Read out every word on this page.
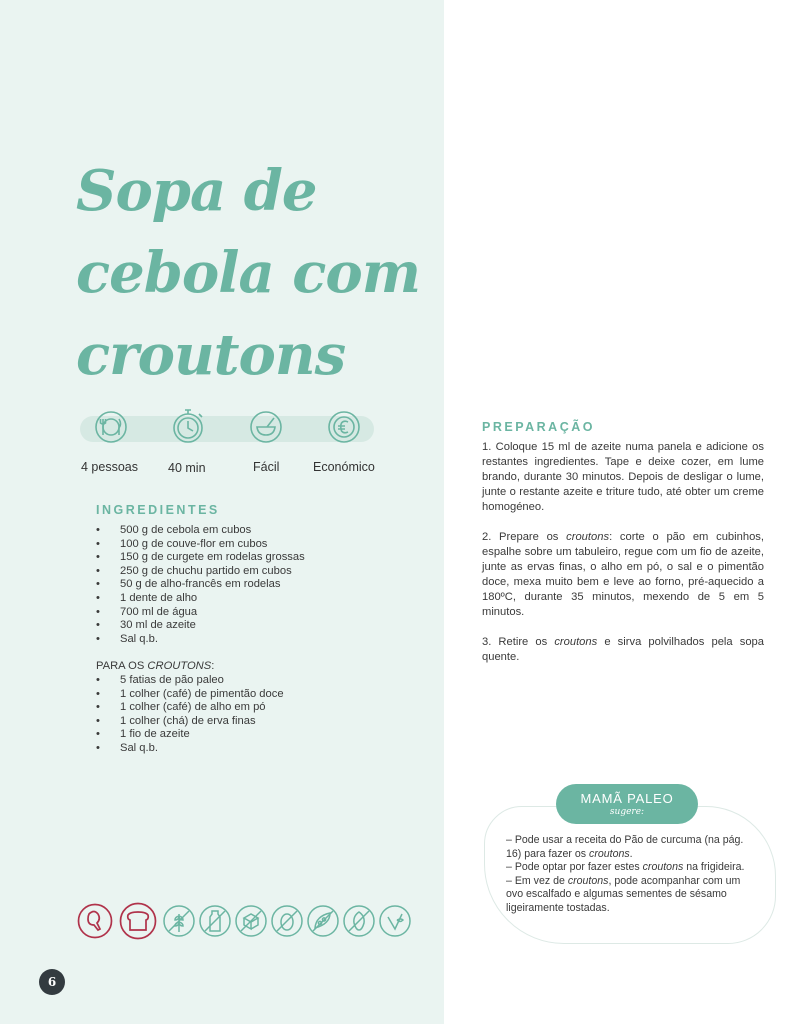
Sopa de
cebola com
croutons
4 pessoas 40 min	Fácil	Económico
INGREDIENTES
• 500 g de cebola em cubos
• 100 g de couve-flor em cubos
• 150 g de curgete em rodelas grossas
• 250 g de chuchu partido em cubos
• 50 g de alho-francês em rodelas
• 1 dente de alho
• 700 ml de água
• 30 ml de azeite
• Sal q.b.
PARA OS CROUTONS:
• 5 fatias de pão paleo
• 1 colher (café) de pimentão doce
• 1 colher (café) de alho em pó
• 1 colher (chá) de erva finas
• 1 fio de azeite
• Sal q.b.
PREPARAÇÃO

1. Coloque 15 ml de azeite numa panela e adicione os restantes ingredientes. Tape e deixe cozer, em lume brando, durante 30 minutos. Depois de desligar o lume, junte o restante azeite e triture tudo, até obter um creme homogéneo.

2. Prepare os croutons: corte o pão em cubinhos, espalhe sobre um tabuleiro, regue com um fio de azeite, junte as ervas finas, o alho em pó, o sal e o pimentão doce, mexa muito bem e leve ao forno, pré-aquecido a 180ºC, durante 35 minutos, mexendo de 5 em 5 minutos.

3. Retire os croutons e sirva polvilhados pela sopa quente.

MAMÃ PALEO
sugere:
– Pode usar a receita do Pão de curcuma (na pág. 16) para fazer os croutons.
– Pode optar por fazer estes croutons na frigideira.
– Em vez de croutons, pode acompanhar com um ovo escalfado e algumas sementes de sésamo ligeiramente tostadas.
6
